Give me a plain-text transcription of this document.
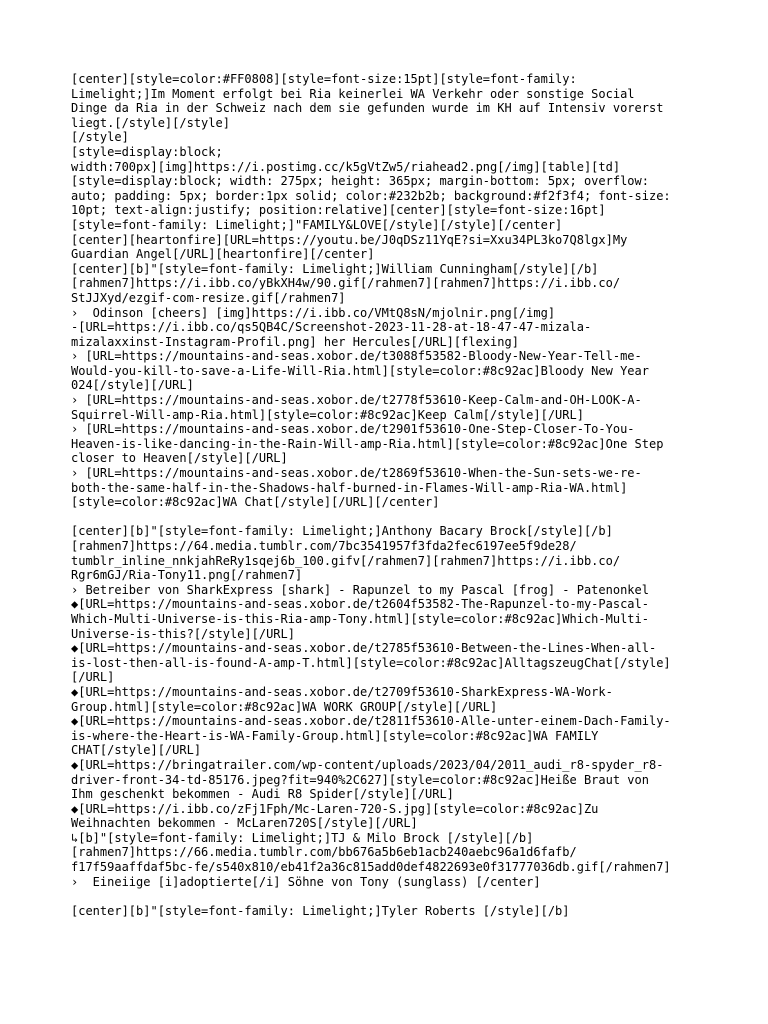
[center][style=color:#FF0808][style=font-size:15pt][style=font-family:
Limelight;]Im Moment erfolgt bei Ria keinerlei WA Verkehr oder sonstige Social
Dinge da Ria in der Schweiz nach dem sie gefunden wurde im KH auf Intensiv vorerst
liegt.[/style][/style]
[/style]
[style=display:block;
width:700px][img]https://i.postimg.cc/k5gVtZw5/riahead2.png[/img][table][td]
[style=display:block; width: 275px; height: 365px; margin-bottom: 5px; overflow:
auto; padding: 5px; border:1px solid; color:#232b2b; background:#f2f3f4; font-size:
10pt; text-align:justify; position:relative][center][style=font-size:16pt]
[style=font-family: Limelight;]"FAMILY&LOVE[/style][/style][/center]
[center][heartonfire][URL=https://youtu.be/J0qDSz11YqE?si=Xxu34PL3ko7Q8lgx]My
Guardian Angel[/URL][heartonfire][/center]
[center][b]"[style=font-family: Limelight;]William Cunningham[/style][/b]
[rahmen7]https://i.ibb.co/yBkXH4w/90.gif[/rahmen7][rahmen7]https://i.ibb.co/
StJJXyd/ezgif-com-resize.gif[/rahmen7]
›  Odinson [cheers] [img]https://i.ibb.co/VMtQ8sN/mjolnir.png[/img]
-[URL=https://i.ibb.co/qs5QB4C/Screenshot-2023-11-28-at-18-47-47-mizala-
mizalaxxinst-Instagram-Profil.png] her Hercules[/URL][flexing]
› [URL=https://mountains-and-seas.xobor.de/t3088f53582-Bloody-New-Year-Tell-me-
Would-you-kill-to-save-a-Life-Will-Ria.html][style=color:#8c92ac]Bloody New Year
024[/style][/URL]
› [URL=https://mountains-and-seas.xobor.de/t2778f53610-Keep-Calm-and-OH-LOOK-A-
Squirrel-Will-amp-Ria.html][style=color:#8c92ac]Keep Calm[/style][/URL]
› [URL=https://mountains-and-seas.xobor.de/t2901f53610-One-Step-Closer-To-You-
Heaven-is-like-dancing-in-the-Rain-Will-amp-Ria.html][style=color:#8c92ac]One Step
closer to Heaven[/style][/URL]
› [URL=https://mountains-and-seas.xobor.de/t2869f53610-When-the-Sun-sets-we-re-
both-the-same-half-in-the-Shadows-half-burned-in-Flames-Will-amp-Ria-WA.html]
[style=color:#8c92ac]WA Chat[/style][/URL][/center]
[center][b]"[style=font-family: Limelight;]Anthony Bacary Brock[/style][/b]
[rahmen7]https://64.media.tumblr.com/7bc3541957f3fda2fec6197ee5f9de28/
tumblr_inline_nnkjahReRy1sqej6b_100.gifv[/rahmen7][rahmen7]https://i.ibb.co/
Rgr6mGJ/Ria-Tony11.png[/rahmen7]
› Betreiber von SharkExpress [shark] - Rapunzel to my Pascal [frog] - Patenonkel
◆[URL=https://mountains-and-seas.xobor.de/t2604f53582-The-Rapunzel-to-my-Pascal-
Which-Multi-Universe-is-this-Ria-amp-Tony.html][style=color:#8c92ac]Which-Multi-
Universe-is-this?[/style][/URL]
◆[URL=https://mountains-and-seas.xobor.de/t2785f53610-Between-the-Lines-When-all-
is-lost-then-all-is-found-A-amp-T.html][style=color:#8c92ac]AlltagszeugChat[/style]
[/URL]
◆[URL=https://mountains-and-seas.xobor.de/t2709f53610-SharkExpress-WA-Work-
Group.html][style=color:#8c92ac]WA WORK GROUP[/style][/URL]
◆[URL=https://mountains-and-seas.xobor.de/t2811f53610-Alle-unter-einem-Dach-Family-
is-where-the-Heart-is-WA-Family-Group.html][style=color:#8c92ac]WA FAMILY
CHAT[/style][/URL]
◆[URL=https://bringatrailer.com/wp-content/uploads/2023/04/2011_audi_r8-spyder_r8-
driver-front-34-td-85176.jpeg?fit=940%2C627][style=color:#8c92ac]Heiße Braut von
Ihm geschenkt bekommen - Audi R8 Spider[/style][/URL]
◆[URL=https://i.ibb.co/zFj1Fph/Mc-Laren-720-S.jpg][style=color:#8c92ac]Zu
Weihnachten bekommen - McLaren720S[/style][/URL]
↳[b]"[style=font-family: Limelight;]TJ & Milo Brock [/style][/b]
[rahmen7]https://66.media.tumblr.com/bb676a5b6eb1acb240aebc96a1d6fafb/
f17f59aaffdaf5bc-fe/s540x810/eb41f2a36c815add0def4822693e0f31777036db.gif[/rahmen7]
›  Eineiige [i]adoptierte[/i] Söhne von Tony (sunglass) [/center]
[center][b]"[style=font-family: Limelight;]Tyler Roberts [/style][/b]
